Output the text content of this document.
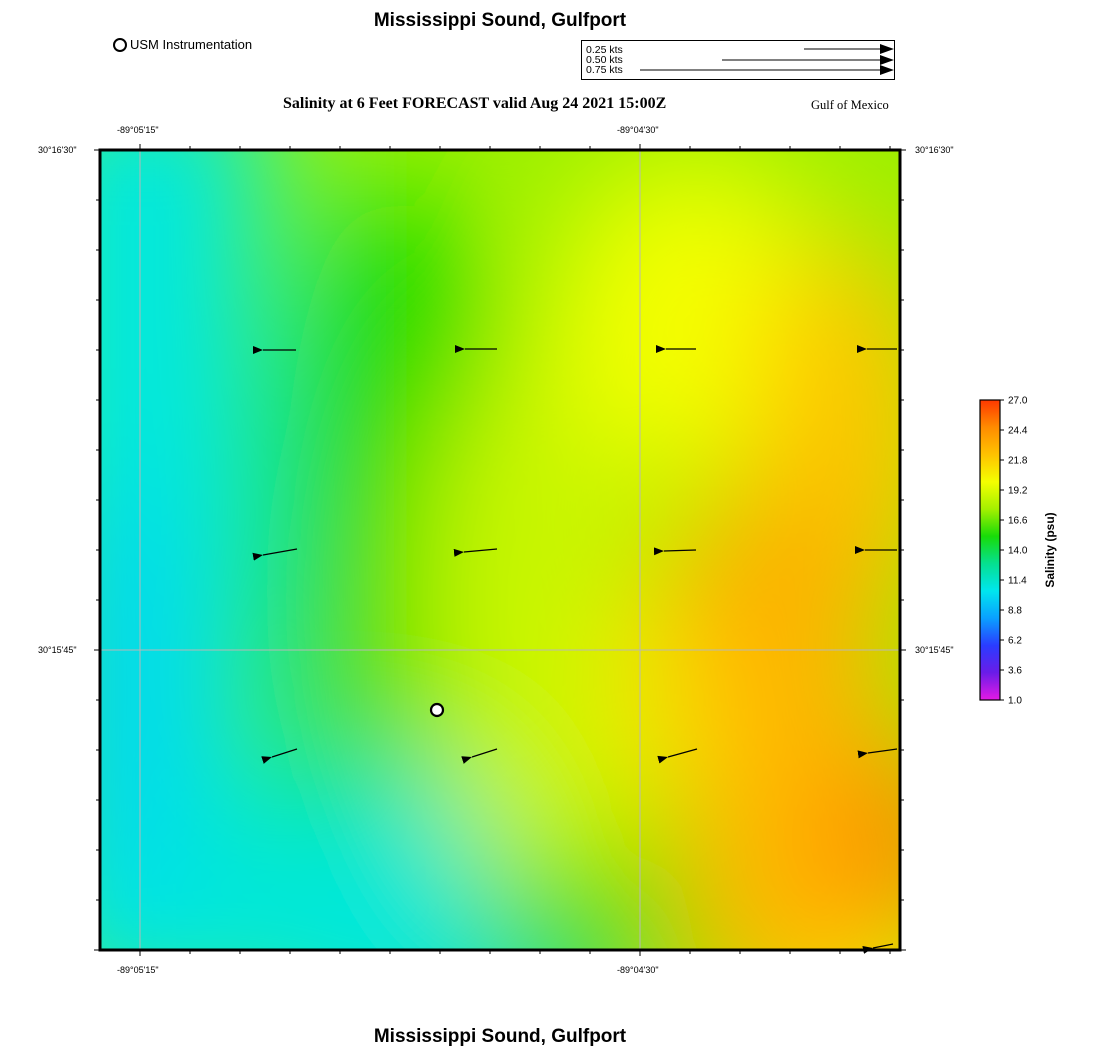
Mississippi Sound, Gulfport
Mississippi Sound, Gulfport
USM Instrumentation	0.25 kts
0.50 kts
0.75 kts
Salinity at 6 Feet FORECAST valid Aug 24 2021 15:00Z	Gulf of Mexico
-89°05'15"	-89°04'30"
-89°05'15"	-89°04'30"
30°16'30"
30°15'45"
30°16'30"
30°15'45"
27.0
24.4
21.8
19.2
16.6
14.0
11.4
8.8
6.2
3.6
1.0
Salinity (psu)
